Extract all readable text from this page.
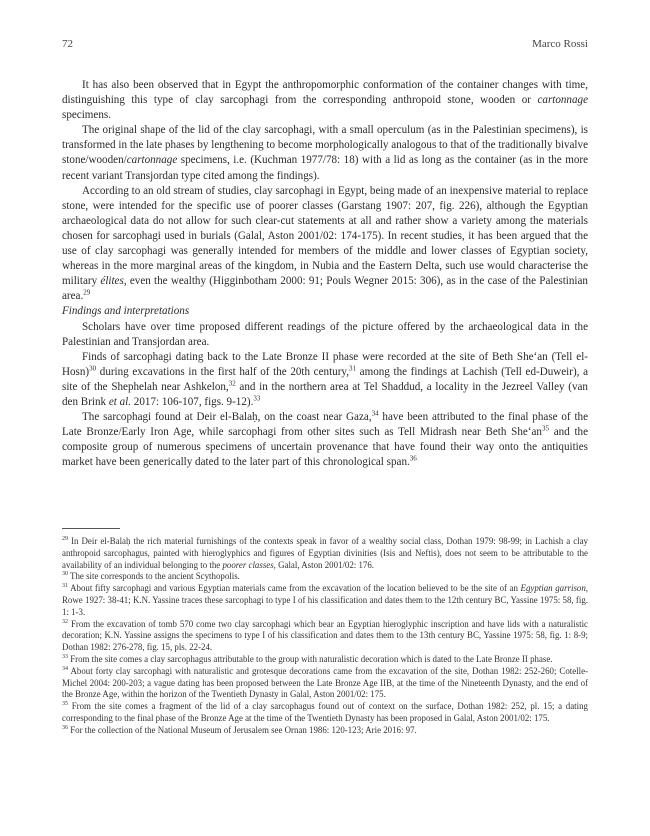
72	Marco Rossi

It has also been observed that in Egypt the anthropomorphic conformation of the container changes with time, distinguishing this type of clay sarcophagi from the corresponding anthropoid stone, wooden or cartonnage specimens.

The original shape of the lid of the clay sarcophagi, with a small operculum (as in the Palestinian specimens), is transformed in the late phases by lengthening to become morphologically analogous to that of the traditionally bivalve stone/wooden/cartonnage specimens, i.e. (Kuchman 1977/78: 18) with a lid as long as the container (as in the more recent variant Transjordan type cited among the findings).

According to an old stream of studies, clay sarcophagi in Egypt, being made of an inexpensive material to replace stone, were intended for the specific use of poorer classes (Garstang 1907: 207, fig. 226), although the Egyptian archaeological data do not allow for such clear-cut statements at all and rather show a variety among the materials chosen for sarcophagi used in burials (Galal, Aston 2001/02: 174-175). In recent studies, it has been argued that the use of clay sarcophagi was generally intended for members of the middle and lower classes of Egyptian society, whereas in the more marginal areas of the kingdom, in Nubia and the Eastern Delta, such use would characterise the military élites, even the wealthy (Higginbotham 2000: 91; Pouls Wegner 2015: 306), as in the case of the Palestinian area.$^{29}$

Findings and interpretations

Scholars have over time proposed different readings of the picture offered by the archaeological data in the Palestinian and Transjordan area.

Finds of sarcophagi dating back to the Late Bronze II phase were recorded at the site of Beth She‘an (Tell el-Hosn)$^{30}$ during excavations in the first half of the 20th century,$^{31}$ among the findings at Lachish (Tell ed-Duweir), a site of the Shephelah near Ashkelon,$^{32}$ and in the northern area at Tel Shaddud, a locality in the Jezreel Valley (van den Brink et al. 2017: 106-107, figs. 9-12).$^{33}$

The sarcophagi found at Deir el-Balaḥ, on the coast near Gaza,$^{34}$ have been attributed to the final phase of the Late Bronze/Early Iron Age, while sarcophagi from other sites such as Tell Midrash near Beth $She‘an^{35}$ and the composite group of numerous specimens of uncertain provenance that have found their way onto the antiquities market have been generically dated to the later part of this chronological span.$^{36}$

$^{29}$ In Deir el-Balaḥ the rich material furnishings of the contexts speak in favor of a wealthy social class, Dothan 1979: 98-99; in Lachish a clay anthropoid sarcophagus, painted with hieroglyphics and figures of Egyptian divinities (Isis and Neftis), does not seem to be attributable to the availability of an individual belonging to the poorer classes, Galal, Aston 2001/02: 176.

$^{30}$ The site corresponds to the ancient Scythopolis.

$^{31}$ About fifty sarcophagi and various Egyptian materials came from the excavation of the location believed to be the site of an Egyptian garrison, Rowe 1927: 38-41; K.N. Yassine traces these sarcophagi to type I of his classification and dates them to the 12th century BC, Yassine 1975: 58, fig. 1: 1-3.

$^{32}$ From the excavation of tomb 570 come two clay sarcophagi which bear an Egyptian hieroglyphic inscription and have lids with a naturalistic decoration; K.N. Yassine assigns the specimens to type I of his classification and dates them to the 13th century BC, Yassine 1975: 58, fig. 1: 8-9; Dothan 1982: 276-278, fig. 15, pls. 22-24.

$^{33}$ From the site comes a clay sarcophagus attributable to the group with naturalistic decoration which is dated to the Late Bronze II phase.

$^{34}$ About forty clay sarcophagi with naturalistic and grotesque decorations came from the excavation of the site, Dothan 1982: 252-260; Cotelle-Michel 2004: 200-203; a vague dating has been proposed between the Late Bronze Age IIB, at the time of the Nineteenth Dynasty, and the end of the Bronze Age, within the horizon of the Twentieth Dynasty in Galal, Aston 2001/02: 175.

$^{35}$ From the site comes a fragment of the lid of a clay sarcophagus found out of context on the surface, Dothan 1982: 252, pl. 15; a dating corresponding to the final phase of the Bronze Age at the time of the Twentieth Dynasty has been proposed in Galal, Aston 2001/02: 175.

$^{36}$ For the collection of the National Museum of Jerusalem see Ornan 1986: 120-123; Arie 2016: 97.
